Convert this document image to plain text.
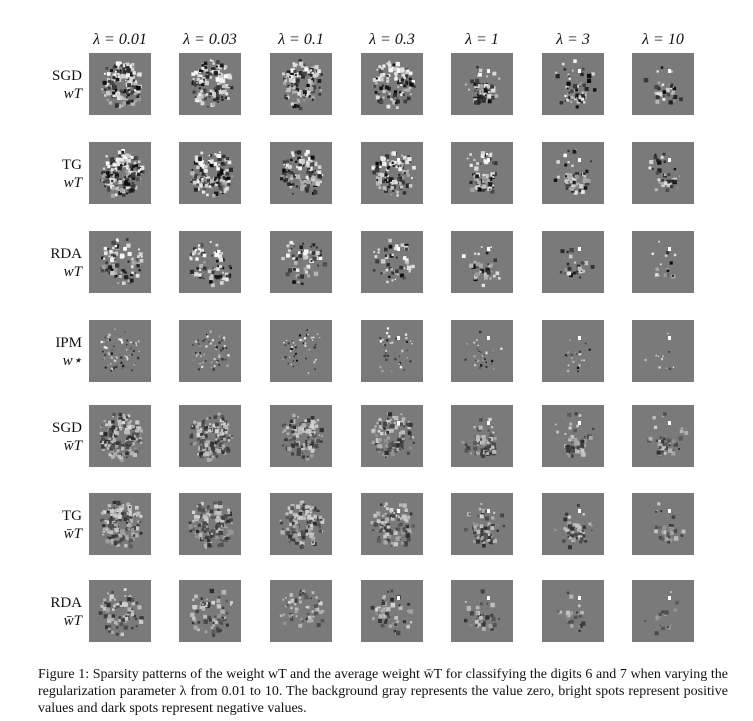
λ = 0.01	λ = 0.03	λ = 0.1	λ = 0.3	λ = 1	λ = 3	λ = 10
SGD
wT
TG
wT
RDA
wT
IPM
w⋆
SGD
w̄T
TG
w̄T
RDA
w̄T

Figure 1: Sparsity patterns of the weight wT and the average weight w̄T for classifying the digits 6 and 7 when varying the regularization parameter λ from 0.01 to 10. The background gray represents the value zero, bright spots represent positive values and dark spots represent negative values.
